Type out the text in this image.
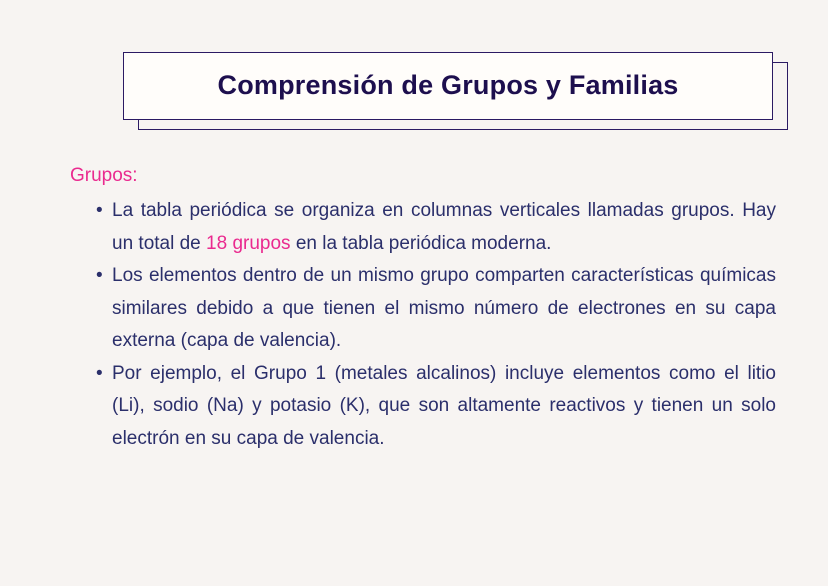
Comprensión de Grupos y Familias
Grupos:
• La tabla periódica se organiza en columnas verticales llamadas grupos. Hay un total de 18 grupos en la tabla periódica moderna.
• Los elementos dentro de un mismo grupo comparten características químicas similares debido a que tienen el mismo número de electrones en su capa externa (capa de valencia).
• Por ejemplo, el Grupo 1 (metales alcalinos) incluye elementos como el litio (Li), sodio (Na) y potasio (K), que son altamente reactivos y tienen un solo electrón en su capa de valencia.
